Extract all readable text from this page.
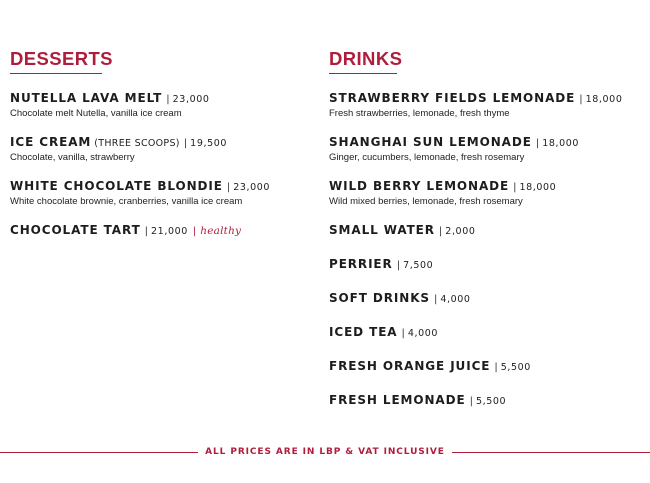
DESSERTS
NUTELLA LAVA MELT | 23,000
Chocolate melt Nutella, vanilla ice cream
ICE CREAM (THREE SCOOPS) | 19,500
Chocolate, vanilla, strawberry
WHITE CHOCOLATE BLONDIE | 23,000
White chocolate brownie, cranberries, vanilla ice cream
CHOCOLATE TART | 21,000 | healthy
DRINKS
STRAWBERRY FIELDS LEMONADE | 18,000
Fresh strawberries, lemonade, fresh thyme
SHANGHAI SUN LEMONADE | 18,000
Ginger, cucumbers, lemonade, fresh rosemary
WILD BERRY LEMONADE | 18,000
Wild mixed berries, lemonade, fresh rosemary
SMALL WATER | 2,000
PERRIER | 7,500
SOFT DRINKS | 4,000
ICED TEA | 4,000
FRESH ORANGE JUICE | 5,500
FRESH LEMONADE | 5,500
ALL PRICES ARE IN LBP & VAT INCLUSIVE
